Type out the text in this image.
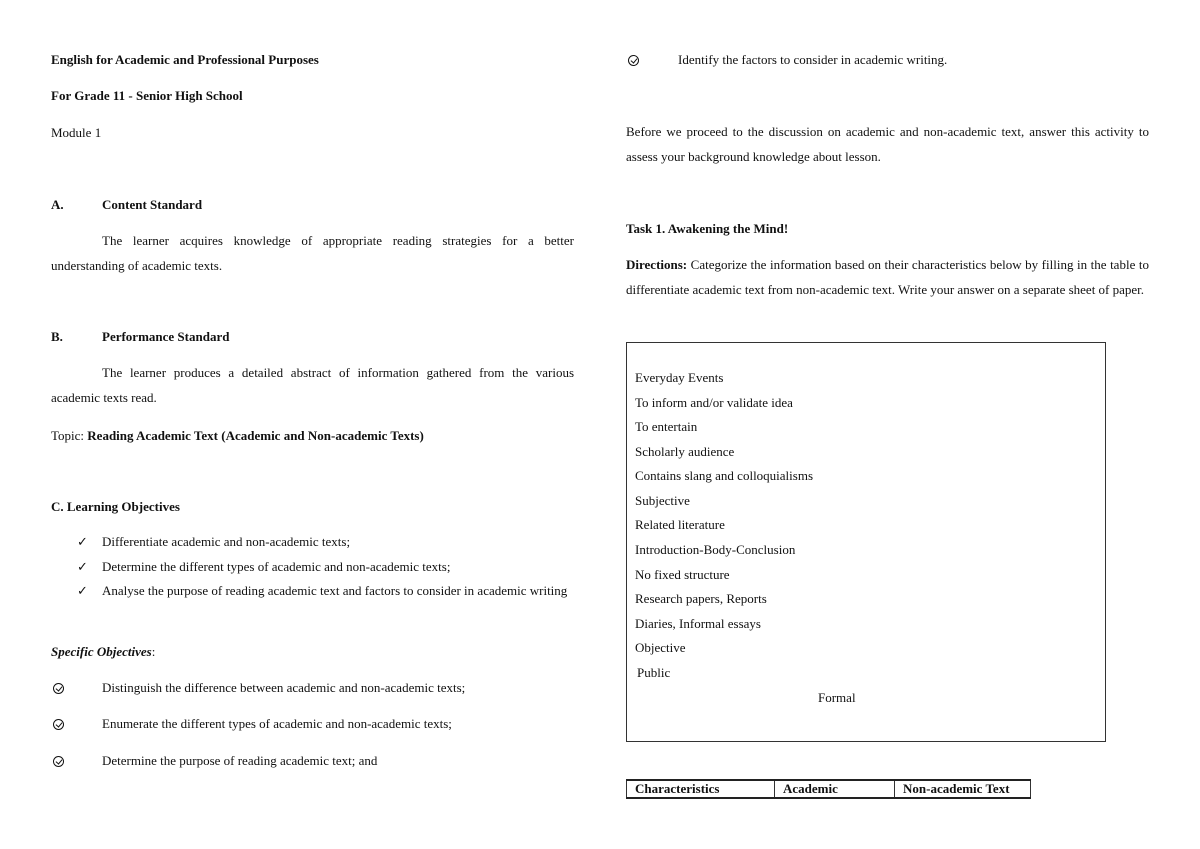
English for Academic and Professional Purposes
For Grade 11 - Senior High School
Module 1
A.	Content Standard
The learner acquires knowledge of appropriate reading strategies for a better understanding of academic texts.
B.	Performance Standard
The learner produces a detailed abstract of information gathered from the various academic texts read.
Topic: Reading Academic Text (Academic and Non-academic Texts)
C. Learning Objectives
✓ Differentiate academic and non-academic texts;
✓ Determine the different types of academic and non-academic texts;
✓ Analyse the purpose of reading academic text and factors to consider in academic writing
Specific Objectives:
Distinguish the difference between academic and non-academic texts;
Enumerate the different types of academic and non-academic texts;
Determine the purpose of reading academic text; and
Identify the factors to consider in academic writing.
Before we proceed to the discussion on academic and non-academic text, answer this activity to assess your background knowledge about lesson.
Task 1. Awakening the Mind!
Directions: Categorize the information based on their characteristics below by filling in the table to differentiate academic text from non-academic text. Write your answer on a separate sheet of paper.
Everyday Events
To inform and/or validate idea
To entertain
Scholarly audience
Contains slang and colloquialisms
Subjective
Related literature
Introduction-Body-Conclusion
No fixed structure
Research papers, Reports
Diaries, Informal essays
Objective
Public
Formal
Characteristics	Academic	Non-academic Text
